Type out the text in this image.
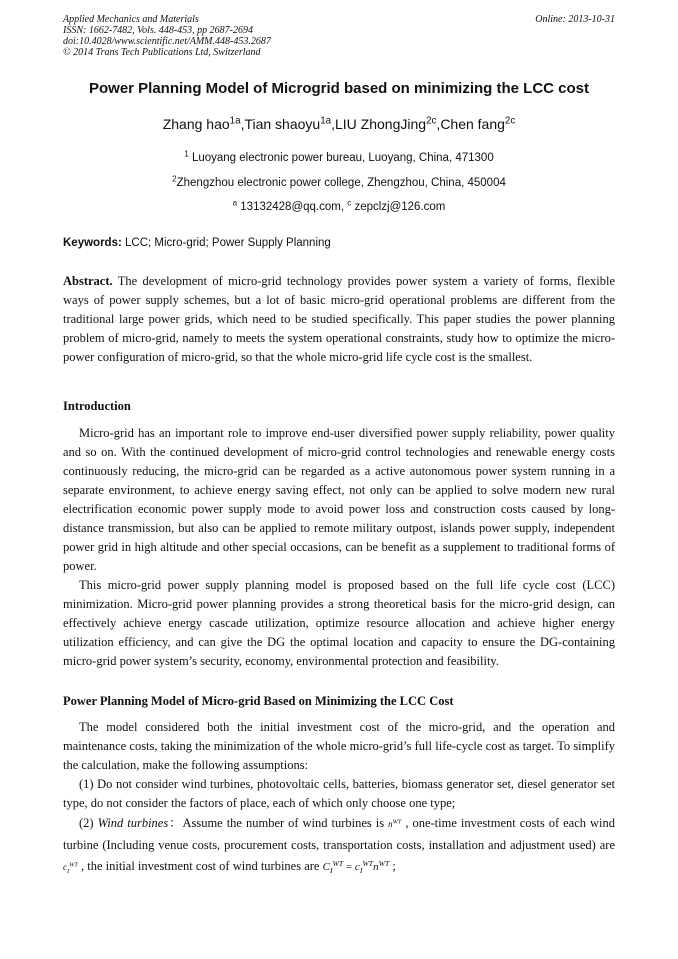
Applied Mechanics and Materials
ISSN: 1662-7482, Vols. 448-453, pp 2687-2694
doi:10.4028/www.scientific.net/AMM.448-453.2687
© 2014 Trans Tech Publications Ltd, Switzerland
Online: 2013-10-31
Power Planning Model of Microgrid based on minimizing the LCC cost
Zhang hao$^{1a}$,Tian shaoyu$^{1a}$,LIU ZhongJing$^{2c}$,Chen fang$^{2c}$
$^1$ Luoyang electronic power bureau, Luoyang, China, 471300
$^2$Zhengzhou electronic power college, Zhengzhou, China, 450004
$^a$ 13132428@qq.com, $^c$ zepclzj@126.com
Keywords: LCC; Micro-grid; Power Supply Planning

Abstract. The development of micro-grid technology provides power system a variety of forms, flexible ways of power supply schemes, but a lot of basic micro-grid operational problems are different from the traditional large power grids, which need to be studied specifically. This paper studies the power planning problem of micro-grid, namely to meets the system operational constraints, study how to optimize the micro-power configuration of micro-grid, so that the whole micro-grid life cycle cost is the smallest.

Introduction

Micro-grid has an important role to improve end-user diversified power supply reliability, power quality and so on. With the continued development of micro-grid control technologies and renewable energy costs continuously reducing, the micro-grid can be regarded as a active autonomous power system running in a separate environment, to achieve energy saving effect, not only can be applied to solve modern new rural electrification economic power supply mode to avoid power loss and construction costs caused by long-distance transmission, but also can be applied to remote military outpost, islands power supply, independent power grid in high altitude and other special occasions, can be benefit as a supplement to traditional forms of power.

This micro-grid power supply planning model is proposed based on the full life cycle cost (LCC) minimization. Micro-grid power planning provides a strong theoretical basis for the micro-grid design, can effectively achieve energy cascade utilization, optimize resource allocation and achieve higher energy utilization efficiency, and can give the DG the optimal location and capacity to ensure the DG-containing micro-grid power system’s security, economy, environmental protection and feasibility.

Power Planning Model of Micro-grid Based on Minimizing the LCC Cost

The model considered both the initial investment cost of the micro-grid, and the operation and maintenance costs, taking the minimization of the whole micro-grid’s full life-cycle cost as target. To simplify the calculation, make the following assumptions:

(1) Do not consider wind turbines, photovoltaic cells, batteries, biomass generator set, diesel generator set type, do not consider the factors of place, each of which only choose one type;

(2) Wind turbines：Assume the number of wind turbines is $n^{WT}$ , one-time investment costs of each wind turbine (Including venue costs, procurement costs, transportation costs, installation and adjustment used) are $c_I^{WT}$ , the initial investment cost of wind turbines are $C_I^{WT} = c_I^{WT}n^{WT}$ ;
